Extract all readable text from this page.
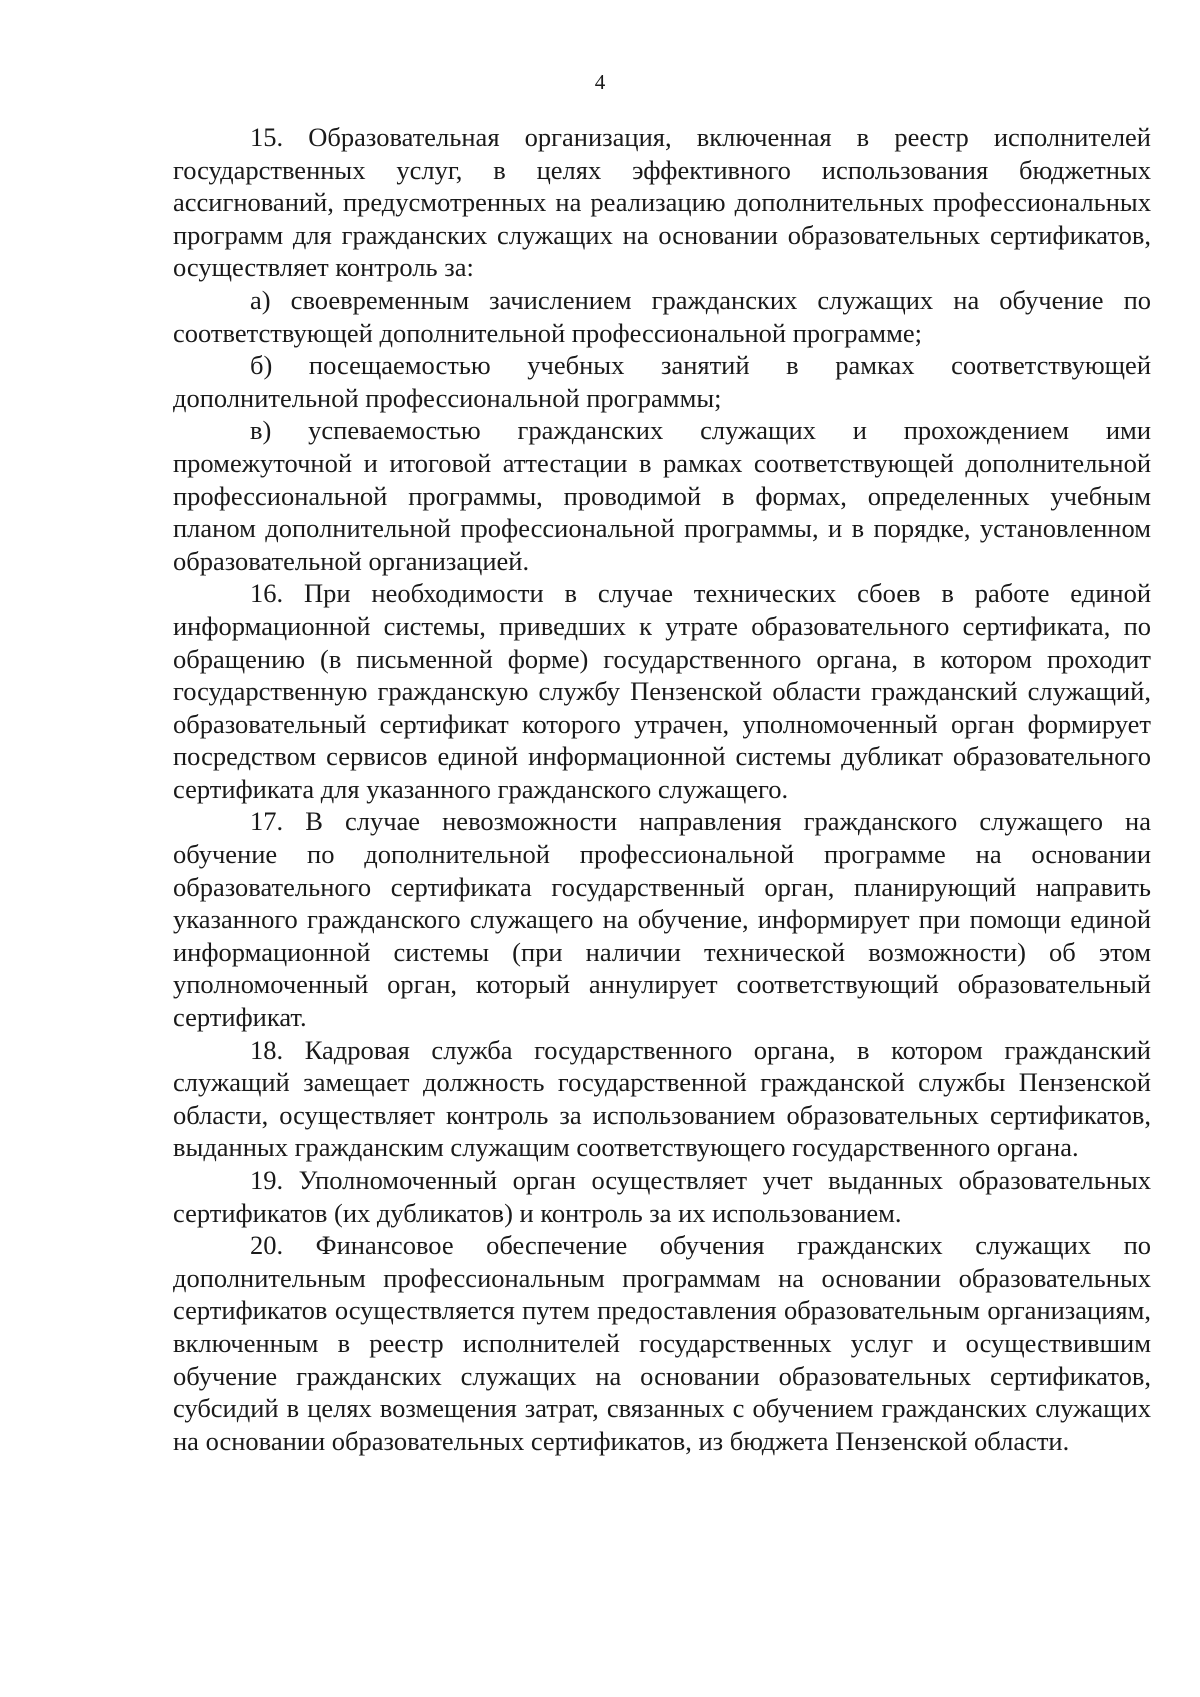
4

15. Образовательная организация, включенная в реестр исполнителей государственных услуг, в целях эффективного использования бюджетных ассигнований, предусмотренных на реализацию дополнительных профессиональных программ для гражданских служащих на основании образовательных сертификатов, осуществляет контроль за:

а) своевременным зачислением гражданских служащих на обучение по соответствующей дополнительной профессиональной программе;

б) посещаемостью учебных занятий в рамках соответствующей дополнительной профессиональной программы;

в) успеваемостью гражданских служащих и прохождением ими промежуточной и итоговой аттестации в рамках соответствующей дополнительной профессиональной программы, проводимой в формах, определенных учебным планом дополнительной профессиональной программы, и в порядке, установленном образовательной организацией.

16. При необходимости в случае технических сбоев в работе единой информационной системы, приведших к утрате образовательного сертификата, по обращению (в письменной форме) государственного органа, в котором проходит государственную гражданскую службу Пензенской области гражданский служащий, образовательный сертификат которого утрачен, уполномоченный орган формирует посредством сервисов единой информационной системы дубликат образовательного сертификата для указанного гражданского служащего.

17. В случае невозможности направления гражданского служащего на обучение по дополнительной профессиональной программе на основании образовательного сертификата государственный орган, планирующий направить указанного гражданского служащего на обучение, информирует при помощи единой информационной системы (при наличии технической возможности) об этом уполномоченный орган, который аннулирует соответствующий образовательный сертификат.

18. Кадровая служба государственного органа, в котором гражданский служащий замещает должность государственной гражданской службы Пензенской области, осуществляет контроль за использованием образовательных сертификатов, выданных гражданским служащим соответствующего государственного органа.

19. Уполномоченный орган осуществляет учет выданных образовательных сертификатов (их дубликатов) и контроль за их использованием.

20. Финансовое обеспечение обучения гражданских служащих по дополнительным профессиональным программам на основании образовательных сертификатов осуществляется путем предоставления образовательным организациям, включенным в реестр исполнителей государственных услуг и осуществившим обучение гражданских служащих на основании образовательных сертификатов, субсидий в целях возмещения затрат, связанных с обучением гражданских служащих на основании образовательных сертификатов, из бюджета Пензенской области.
